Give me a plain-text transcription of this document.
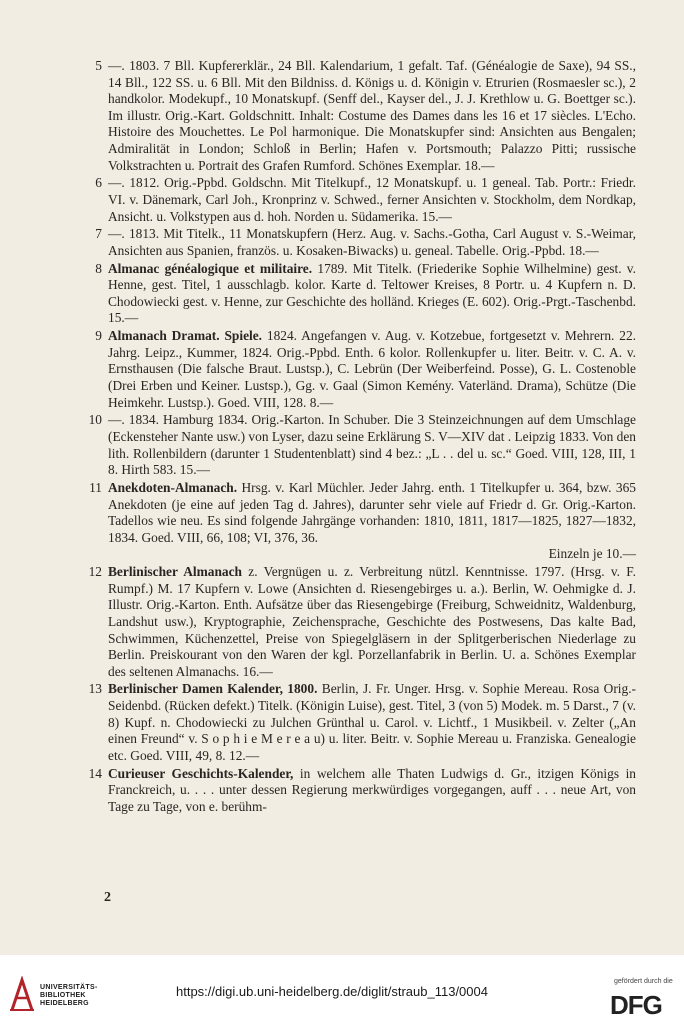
5 —. 1803. 7 Bll. Kupfererklär., 24 Bll. Kalendarium, 1 gefalt. Taf. (Généalogie de Saxe), 94 SS., 14 Bll., 122 SS. u. 6 Bll. Mit den Bildniss. d. Königs u. d. Königin v. Etrurien (Rosmaesler sc.), 2 handkolor. Modekupf., 10 Monatskupf. (Senff del., Kayser del., J. J. Krethlow u. G. Boettger sc.). Im illustr. Orig.-Kart. Goldschnitt. Inhalt: Costume des Dames dans les 16 et 17 siècles. L'Echo. Histoire des Mouchettes. Le Pol harmonique. Die Monatskupfer sind: Ansichten aus Bengalen; Admiralität in London; Schloß in Berlin; Hafen v. Portsmouth; Palazzo Pitti; russische Volkstrachten u. Portrait des Grafen Rumford. Schönes Exemplar. 18.—
6 —. 1812. Orig.-Ppbd. Goldschn. Mit Titelkupf., 12 Monatskupf. u. 1 geneal. Tab. Portr.: Friedr. VI. v. Dänemark, Carl Joh., Kronprinz v. Schwed., ferner Ansichten v. Stockholm, dem Nordkap, Ansicht. u. Volkstypen aus d. hoh. Norden u. Südamerika. 15.—
7 —. 1813. Mit Titelk., 11 Monatskupfern (Herz. Aug. v. Sachs.-Gotha, Carl August v. S.-Weimar, Ansichten aus Spanien, französ. u. Kosaken-Biwacks) u. geneal. Tabelle. Orig.-Ppbd. 18.—
8 Almanac généalogique et militaire. 1789. Mit Titelk. (Friederike Sophie Wilhelmine) gest. v. Henne, gest. Titel, 1 ausschlagb. kolor. Karte d. Teltower Kreises, 8 Portr. u. 4 Kupfern n. D. Chodowiecki gest. v. Henne, zur Geschichte des holländ. Krieges (E. 602). Orig.-Prgt.-Taschenbd. 15.—
9 Almanach Dramat. Spiele. 1824. Angefangen v. Aug. v. Kotzebue, fortgesetzt v. Mehrern. 22. Jahrg. Leipz., Kummer, 1824. Orig.-Ppbd. Enth. 6 kolor. Rollenkupfer u. liter. Beitr. v. C. A. v. Ernsthausen (Die falsche Braut. Lustsp.), C. Lebrün (Der Weiberfeind. Posse), G. L. Costenoble (Drei Erben und Keiner. Lustsp.), Gg. v. Gaal (Simon Kemény. Vaterländ. Drama), Schütze (Die Heimkehr. Lustsp.). Goed. VIII, 128. 8.—
10 —. 1834. Hamburg 1834. Orig.-Karton. In Schuber. Die 3 Steinzeichnungen auf dem Umschlage (Eckensteher Nante usw.) von Lyser, dazu seine Erklärung S. V—XIV dat . Leipzig 1833. Von den lith. Rollenbildern (darunter 1 Studentenblatt) sind 4 bez.: „L . . del u. sc.“ Goed. VIII, 128, III, 1 8. Hirth 583. 15.—
11 Anekdoten-Almanach. Hrsg. v. Karl Müchler. Jeder Jahrg. enth. 1 Titelkupfer u. 364, bzw. 365 Anekdoten (je eine auf jeden Tag d. Jahres), darunter sehr viele auf Friedr d. Gr. Orig.-Karton. Tadellos wie neu. Es sind folgende Jahrgänge vorhanden: 1810, 1811, 1817—1825, 1827—1832, 1834. Goed. VIII, 66, 108; VI, 376, 36.
Einzeln je 10.—
12 Berlinischer Almanach z. Vergnügen u. z. Verbreitung nützl. Kenntnisse. 1797. (Hrsg. v. F. Rumpf.) M. 17 Kupfern v. Lowe (Ansichten d. Riesengebirges u. a.). Berlin, W. Oehmigke d. J. Illustr. Orig.-Karton. Enth. Aufsätze über das Riesengebirge (Freiburg, Schweidnitz, Waldenburg, Landshut usw.), Kryptographie, Zeichensprache, Geschichte des Postwesens, Das kalte Bad, Schwimmen, Küchenzettel, Preise von Spiegelgläsern in der Splitgerberischen Niederlage zu Berlin. Preiskourant von den Waren der kgl. Porzellanfabrik in Berlin. U. a. Schönes Exemplar des seltenen Almanachs. 16.—
13 Berlinischer Damen Kalender, 1800. Berlin, J. Fr. Unger. Hrsg. v. Sophie Mereau. Rosa Orig.-Seidenbd. (Rücken defekt.) Titelk. (Königin Luise), gest. Titel, 3 (von 5) Modek. m. 5 Darst., 7 (v. 8) Kupf. n. Chodowiecki zu Julchen Grünthal u. Carol. v. Lichtf., 1 Musikbeil. v. Zelter („An einen Freund“ v. S o p h i e M e r e a u) u. liter. Beitr. v. Sophie Mereau u. Franziska. Genealogie etc. Goed. VIII, 49, 8. 12.—
14 Curieuser Geschichts-Kalender, in welchem alle Thaten Ludwigs d. Gr., itzigen Königs in Franckreich, u. . . . unter dessen Regierung merkwürdiges vorgegangen, auff . . . neue Art, von Tage zu Tage, von e. berühm-
2
UNIVERSITÄTS-
BIBLIOTHEK
HEIDELBERG
https://digi.ub.uni-heidelberg.de/diglit/straub_113/0004
gefördert durch die
DFG
